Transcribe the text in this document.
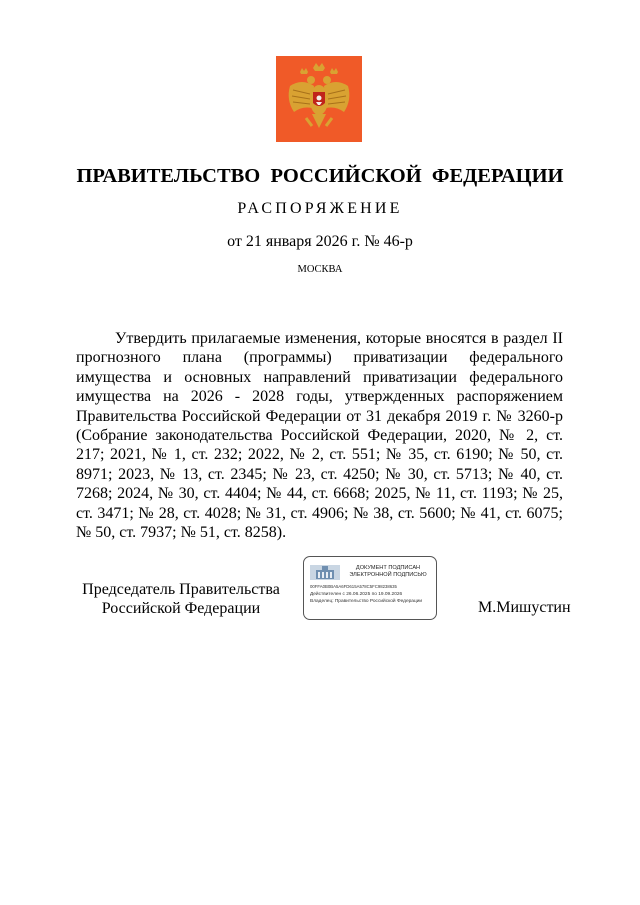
ПРАВИТЕЛЬСТВО  РОССИЙСКОЙ  ФЕДЕРАЦИИ
РАСПОРЯЖЕНИЕ
от 21 января 2026 г. № 46-р
МОСКВА

Утвердить прилагаемые изменения, которые вносятся в раздел II прогнозного плана (программы) приватизации федерального имущества и основных направлений приватизации федерального имущества на 2026 - 2028 годы, утвержденных распоряжением Правительства Российской Федерации от 31 декабря 2019 г. № 3260-р (Собрание законодательства Российской Федерации, 2020, № 2, ст. 217; 2021, № 1, ст. 232; 2022, № 2, ст. 551; № 35, ст. 6190; № 50, ст. 8971; 2023, № 13, ст. 2345; № 23, ст. 4250; № 30, ст. 5713; № 40, ст. 7268; 2024, № 30, ст. 4404; № 44, ст. 6668; 2025, № 11, ст. 1193; № 25, ст. 3471; № 28, ст. 4028; № 31, ст. 4906; № 38, ст. 5600; № 41, ст. 6075; № 50, ст. 7937; № 51, ст. 8258).

Председатель Правительства
Российской Федерации
ДОКУМЕНТ ПОДПИСАН
ЭЛЕКТРОННОЙ ПОДПИСЬЮ
00FFA0B0BA5A6FD615A578C5FC98238635
Действителен с 26.06.2025 по 19.09.2026
Владелец: Правительство Российской Федерации	М.Мишустин
